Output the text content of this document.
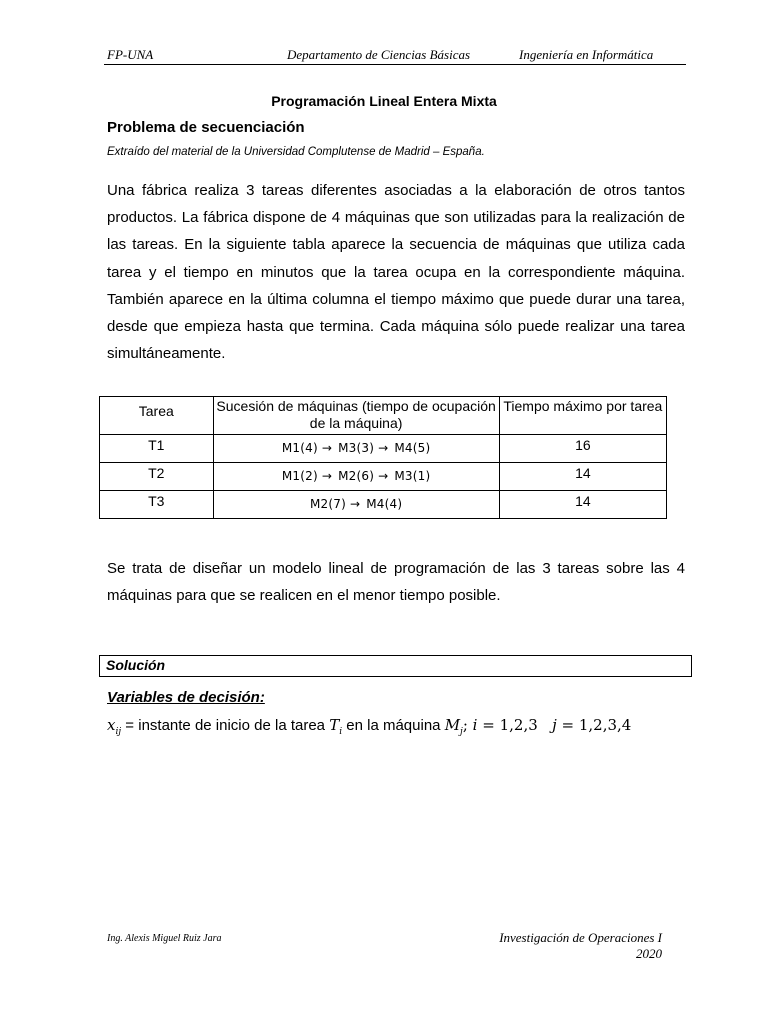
FP-UNA	Departamento de Ciencias Básicas	Ingeniería en Informática
Programación Lineal Entera Mixta
Problema de secuenciación
Extraído del material de la Universidad Complutense de Madrid – España.
Una fábrica realiza 3 tareas diferentes asociadas a la elaboración de otros tantos
productos. La fábrica dispone de 4 máquinas que son utilizadas para la realización de
las tareas. En la siguiente tabla aparece la secuencia de máquinas que utiliza cada
tarea y el tiempo en minutos que la tarea ocupa en la correspondiente máquina.
También aparece en la última columna el tiempo máximo que puede durar una tarea,
desde que empieza hasta que termina. Cada máquina sólo puede realizar una tarea
simultáneamente.
Tarea	Sucesión de máquinas (tiempo de ocupación de la máquina)	Tiempo máximo por tarea
T1	M1(4) → M3(3) → M4(5)	16
T2	M1(2) → M2(6) → M3(1)	14
T3	M2(7) → M4(4)	14
Se trata de diseñar un modelo lineal de programación de las 3 tareas sobre las 4
máquinas para que se realicen en el menor tiempo posible.
Solución
Variables de decisión:
$x_{ij}$ = instante de inicio de la tarea $T_i$ en la máquina $M_j$; i = 1,2,3 j = 1,2,3,4
Ing. Alexis Miguel Ruiz Jara	Investigación de Operaciones I
2020
